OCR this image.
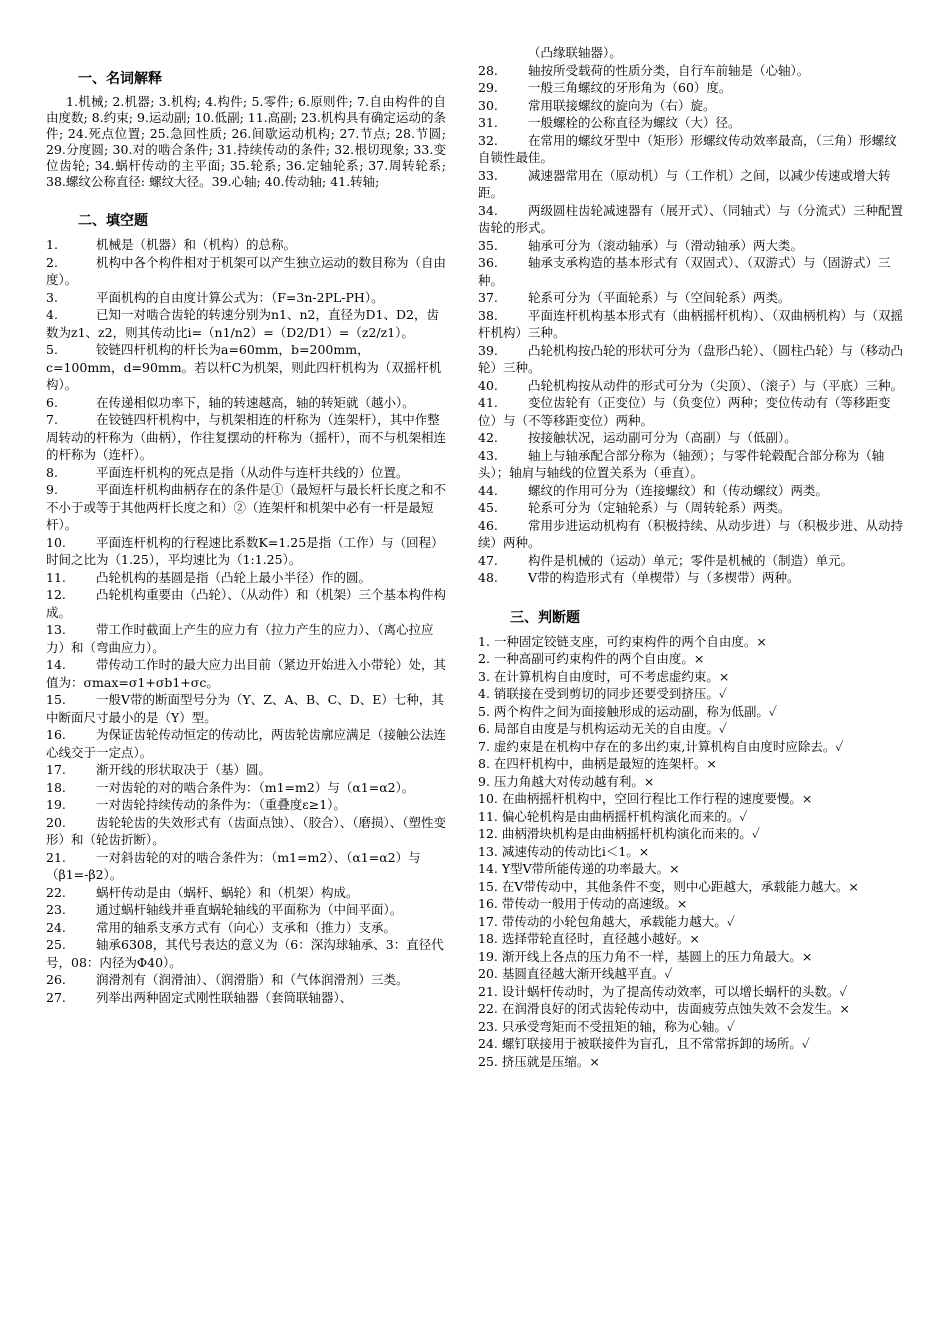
一、名词解释

1.机械; 2.机器; 3.机构; 4.构件; 5.零件; 6.原则件; 7.自由构件的自由度数; 8.约束; 9.运动副; 10.低副; 11.高副; 23.机构具有确定运动的条件; 24.死点位置; 25.急回性质; 26.间歇运动机构; 27.节点; 28.节圆; 29.分度圆; 30.对的啮合条件; 31.持续传动的条件; 32.根切现象; 33.变位齿轮; 34.蜗杆传动的主平面; 35.轮系; 36.定轴轮系; 37.周转轮系; 38.螺纹公称直径: 螺纹大径。39.心轴; 40.传动轴; 41.转轴;

二、填空题

1.	机械是（机器）和（机构）的总称。

2.	机构中各个构件相对于机架可以产生独立运动的数目称为（自由度）。

3.	平面机构的自由度计算公式为：（F=3n-2PL-PH）。

4.	已知一对啮合齿轮的转速分别为n1、n2，直径为D1、D2，齿数为z1、z2，则其传动比i=（n1/n2）=（D2/D1）=（z2/z1）。

5.	铰链四杆机构的杆长为a=60mm，b=200mm，c=100mm，d=90mm。若以杆C为机架，则此四杆机构为（双摇杆机构）。

6.	在传递相似功率下，轴的转速越高，轴的转矩就（越小）。

7.	在铰链四杆机构中，与机架相连的杆称为（连架杆），其中作整周转动的杆称为（曲柄），作往复摆动的杆称为（摇杆），而不与机架相连的杆称为（连杆）。

8.	平面连杆机构的死点是指（从动件与连杆共线的）位置。

9.	平面连杆机构曲柄存在的条件是①（最短杆与最长杆长度之和不不小于或等于其他两杆长度之和）②（连架杆和机架中必有一杆是最短杆）。

10. 平面连杆机构的行程速比系数K=1.25是指（工作）与（回程）时间之比为（1.25），平均速比为（1:1.25）。

11. 凸轮机构的基圆是指（凸轮上最小半径）作的圆。

12. 凸轮机构重要由（凸轮）、（从动件）和（机架）三个基本构件构成。

13. 带工作时截面上产生的应力有（拉力产生的应力）、（离心拉应力）和（弯曲应力）。

14. 带传动工作时的最大应力出目前（紧边开始进入小带轮）处，其值为：σmax=σ1+σb1+σc。

15. 一般V带的断面型号分为（Y、Z、A、B、C、D、E）七种，其中断面尺寸最小的是（Y）型。

16. 为保证齿轮传动恒定的传动比，两齿轮齿廓应满足（接触公法连心线交于一定点）。

17. 渐开线的形状取决于（基）圆。

18. 一对齿轮的对的啮合条件为：（m1=m2）与（α1=α2）。

19. 一对齿轮持续传动的条件为：（重叠度ε≥1）。

20. 齿轮轮齿的失效形式有（齿面点蚀）、（胶合）、（磨损）、（塑性变形）和（轮齿折断）。

21. 一对斜齿轮的对的啮合条件为：（m1=m2）、（α1=α2）与（β1=-β2）。

22. 蜗杆传动是由（蜗杆、蜗轮）和（机架）构成。

23. 通过蜗杆轴线并垂直蜗轮轴线的平面称为（中间平面）。

24. 常用的轴系支承方式有（向心）支承和（推力）支承。

25. 轴承6308，其代号表达的意义为（6：深沟球轴承、3：直径代号，08：内径为Φ40）。

26. 润滑剂有（润滑油）、（润滑脂）和（气体润滑剂）三类。

27. 列举出两种固定式刚性联轴器（套筒联轴器）、

（凸缘联轴器）。

28. 轴按所受载荷的性质分类，自行车前轴是（心轴）。

29. 一般三角螺纹的牙形角为（60）度。

30. 常用联接螺纹的旋向为（右）旋。

31. 一般螺栓的公称直径为螺纹（大）径。

32. 在常用的螺纹牙型中（矩形）形螺纹传动效率最高，（三角）形螺纹自锁性最佳。

33. 减速器常用在（原动机）与（工作机）之间，以减少传速或增大转距。

34. 两级圆柱齿轮减速器有（展开式）、（同轴式）与（分流式）三种配置齿轮的形式。

35. 轴承可分为（滚动轴承）与（滑动轴承）两大类。

36. 轴承支承构造的基本形式有（双固式）、（双游式）与（固游式）三种。

37. 轮系可分为（平面轮系）与（空间轮系）两类。

38. 平面连杆机构基本形式有（曲柄摇杆机构）、（双曲柄机构）与（双摇杆机构）三种。

39. 凸轮机构按凸轮的形状可分为（盘形凸轮）、（圆柱凸轮）与（移动凸轮）三种。

40. 凸轮机构按从动件的形式可分为（尖顶）、（滚子）与（平底）三种。

41. 变位齿轮有（正变位）与（负变位）两种；变位传动有（等移距变位）与（不等移距变位）两种。

42. 按接触状况，运动副可分为（高副）与（低副）。

43. 轴上与轴承配合部分称为（轴颈）；与零件轮毂配合部分称为（轴头）；轴肩与轴线的位置关系为（垂直）。

44. 螺纹的作用可分为（连接螺纹）和（传动螺纹）两类。

45. 轮系可分为（定轴轮系）与（周转轮系）两类。

46. 常用步进运动机构有（积极持续、从动步进）与（积极步进、从动持续）两种。

47. 构件是机械的（运动）单元；零件是机械的（制造）单元。

48. V带的构造形式有（单楔带）与（多楔带）两种。

三、判断题

1. 一种固定铰链支座，可约束构件的两个自由度。×

2. 一种高副可约束构件的两个自由度。×

3. 在计算机构自由度时，可不考虑虚约束。×

4. 销联接在受到剪切的同步还要受到挤压。✓

5. 两个构件之间为面接触形成的运动副，称为低副。✓

6. 局部自由度是与机构运动无关的自由度。✓

7. 虚约束是在机构中存在的多出约束,计算机构自由度时应除去。✓

8. 在四杆机构中，曲柄是最短的连架杆。×

9. 压力角越大对传动越有利。×

10. 在曲柄摇杆机构中，空回行程比工作行程的速度要慢。×

11. 偏心轮机构是由曲柄摇杆机构演化而来的。✓

12. 曲柄滑块机构是由曲柄摇杆机构演化而来的。✓

13. 减速传动的传动比i＜1。×

14. Y型V带所能传递的功率最大。×

15. 在V带传动中，其他条件不变，则中心距越大，承载能力越大。×

16. 带传动一般用于传动的高速级。×

17. 带传动的小轮包角越大，承载能力越大。✓

18. 选择带轮直径时，直径越小越好。×

19. 渐开线上各点的压力角不一样，基圆上的压力角最大。×

20. 基圆直径越大渐开线越平直。✓

21. 设计蜗杆传动时，为了提高传动效率，可以增长蜗杆的头数。✓

22. 在润滑良好的闭式齿轮传动中，齿面疲劳点蚀失效不会发生。×

23. 只承受弯矩而不受扭矩的轴，称为心轴。✓

24. 螺钉联接用于被联接件为盲孔，且不常常拆卸的场所。✓

25. 挤压就是压缩。×
